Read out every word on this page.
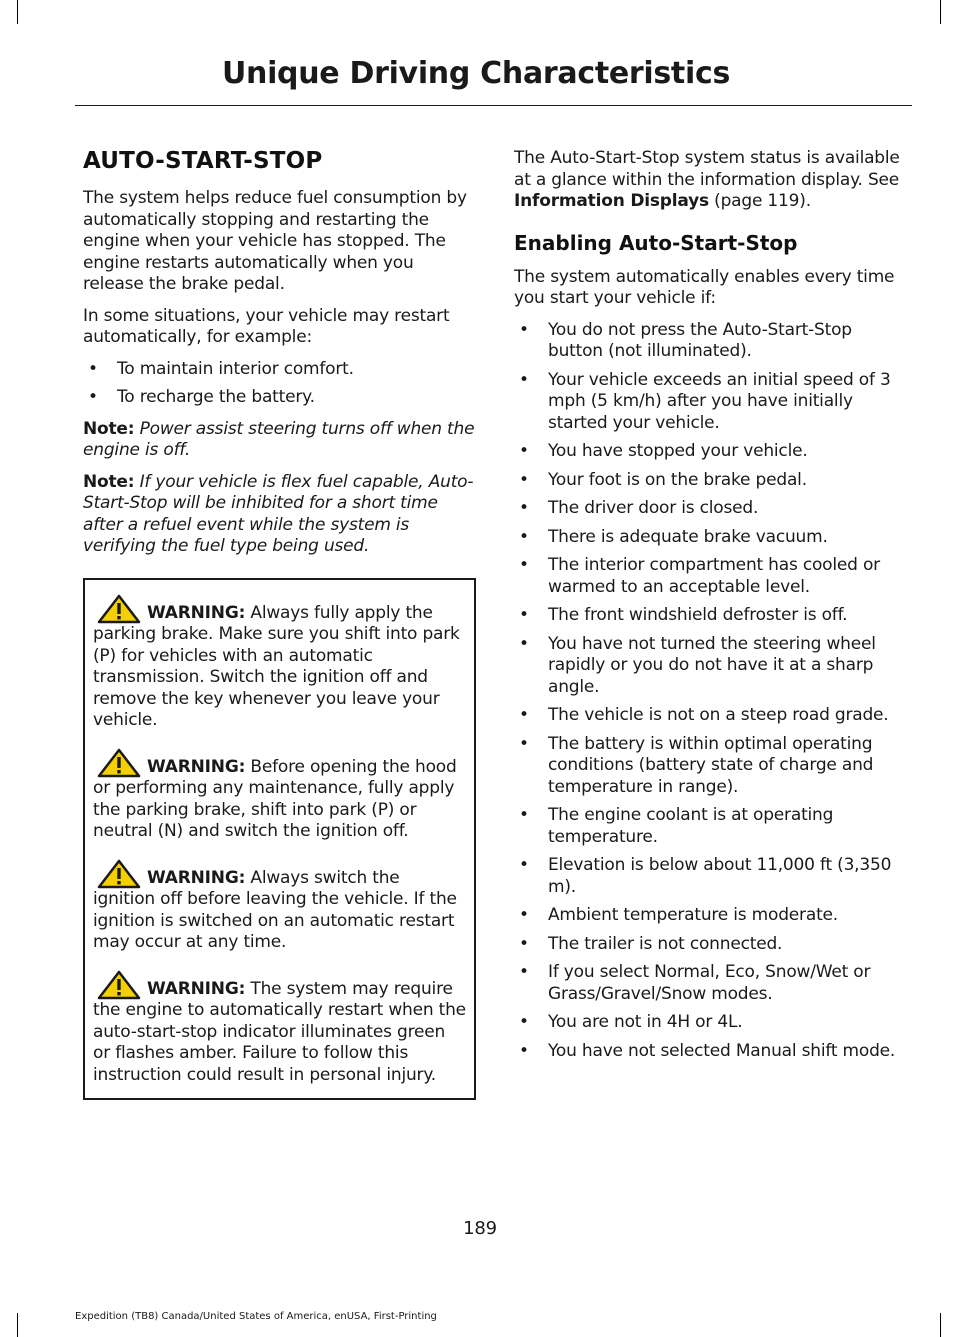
Unique Driving Characteristics
AUTO-START-STOP

The system helps reduce fuel consumption by automatically stopping and restarting the engine when your vehicle has stopped. The engine restarts automatically when you release the brake pedal.

In some situations, your vehicle may restart automatically, for example:

• To maintain interior comfort.
• To recharge the battery.

Note: Power assist steering turns off when the engine is off.

Note: If your vehicle is flex fuel capable, Auto-Start-Stop will be inhibited for a short time after a refuel event while the system is verifying the fuel type being used.

WARNING: Always fully apply the parking brake. Make sure you shift into park (P) for vehicles with an automatic transmission. Switch the ignition off and remove the key whenever you leave your vehicle.

WARNING: Before opening the hood or performing any maintenance, fully apply the parking brake, shift into park (P) or neutral (N) and switch the ignition off.

WARNING: Always switch the ignition off before leaving the vehicle. If the ignition is switched on an automatic restart may occur at any time.

WARNING: The system may require the engine to automatically restart when the auto-start-stop indicator illuminates green or flashes amber. Failure to follow this instruction could result in personal injury.

The Auto-Start-Stop system status is available at a glance within the information display. See Information Displays (page 119).

Enabling Auto-Start-Stop

The system automatically enables every time you start your vehicle if:

• You do not press the Auto-Start-Stop button (not illuminated).
• Your vehicle exceeds an initial speed of 3 mph (5 km/h) after you have initially started your vehicle.
• You have stopped your vehicle.
• Your foot is on the brake pedal.
• The driver door is closed.
• There is adequate brake vacuum.
• The interior compartment has cooled or warmed to an acceptable level.
• The front windshield defroster is off.
• You have not turned the steering wheel rapidly or you do not have it at a sharp angle.
• The vehicle is not on a steep road grade.
• The battery is within optimal operating conditions (battery state of charge and temperature in range).
• The engine coolant is at operating temperature.
• Elevation is below about 11,000 ft (3,350 m).
• Ambient temperature is moderate.
• The trailer is not connected.
• If you select Normal, Eco, Snow/Wet or Grass/Gravel/Snow modes.
• You are not in 4H or 4L.
• You have not selected Manual shift mode.

189

Expedition (TB8) Canada/United States of America, enUSA, First-Printing
